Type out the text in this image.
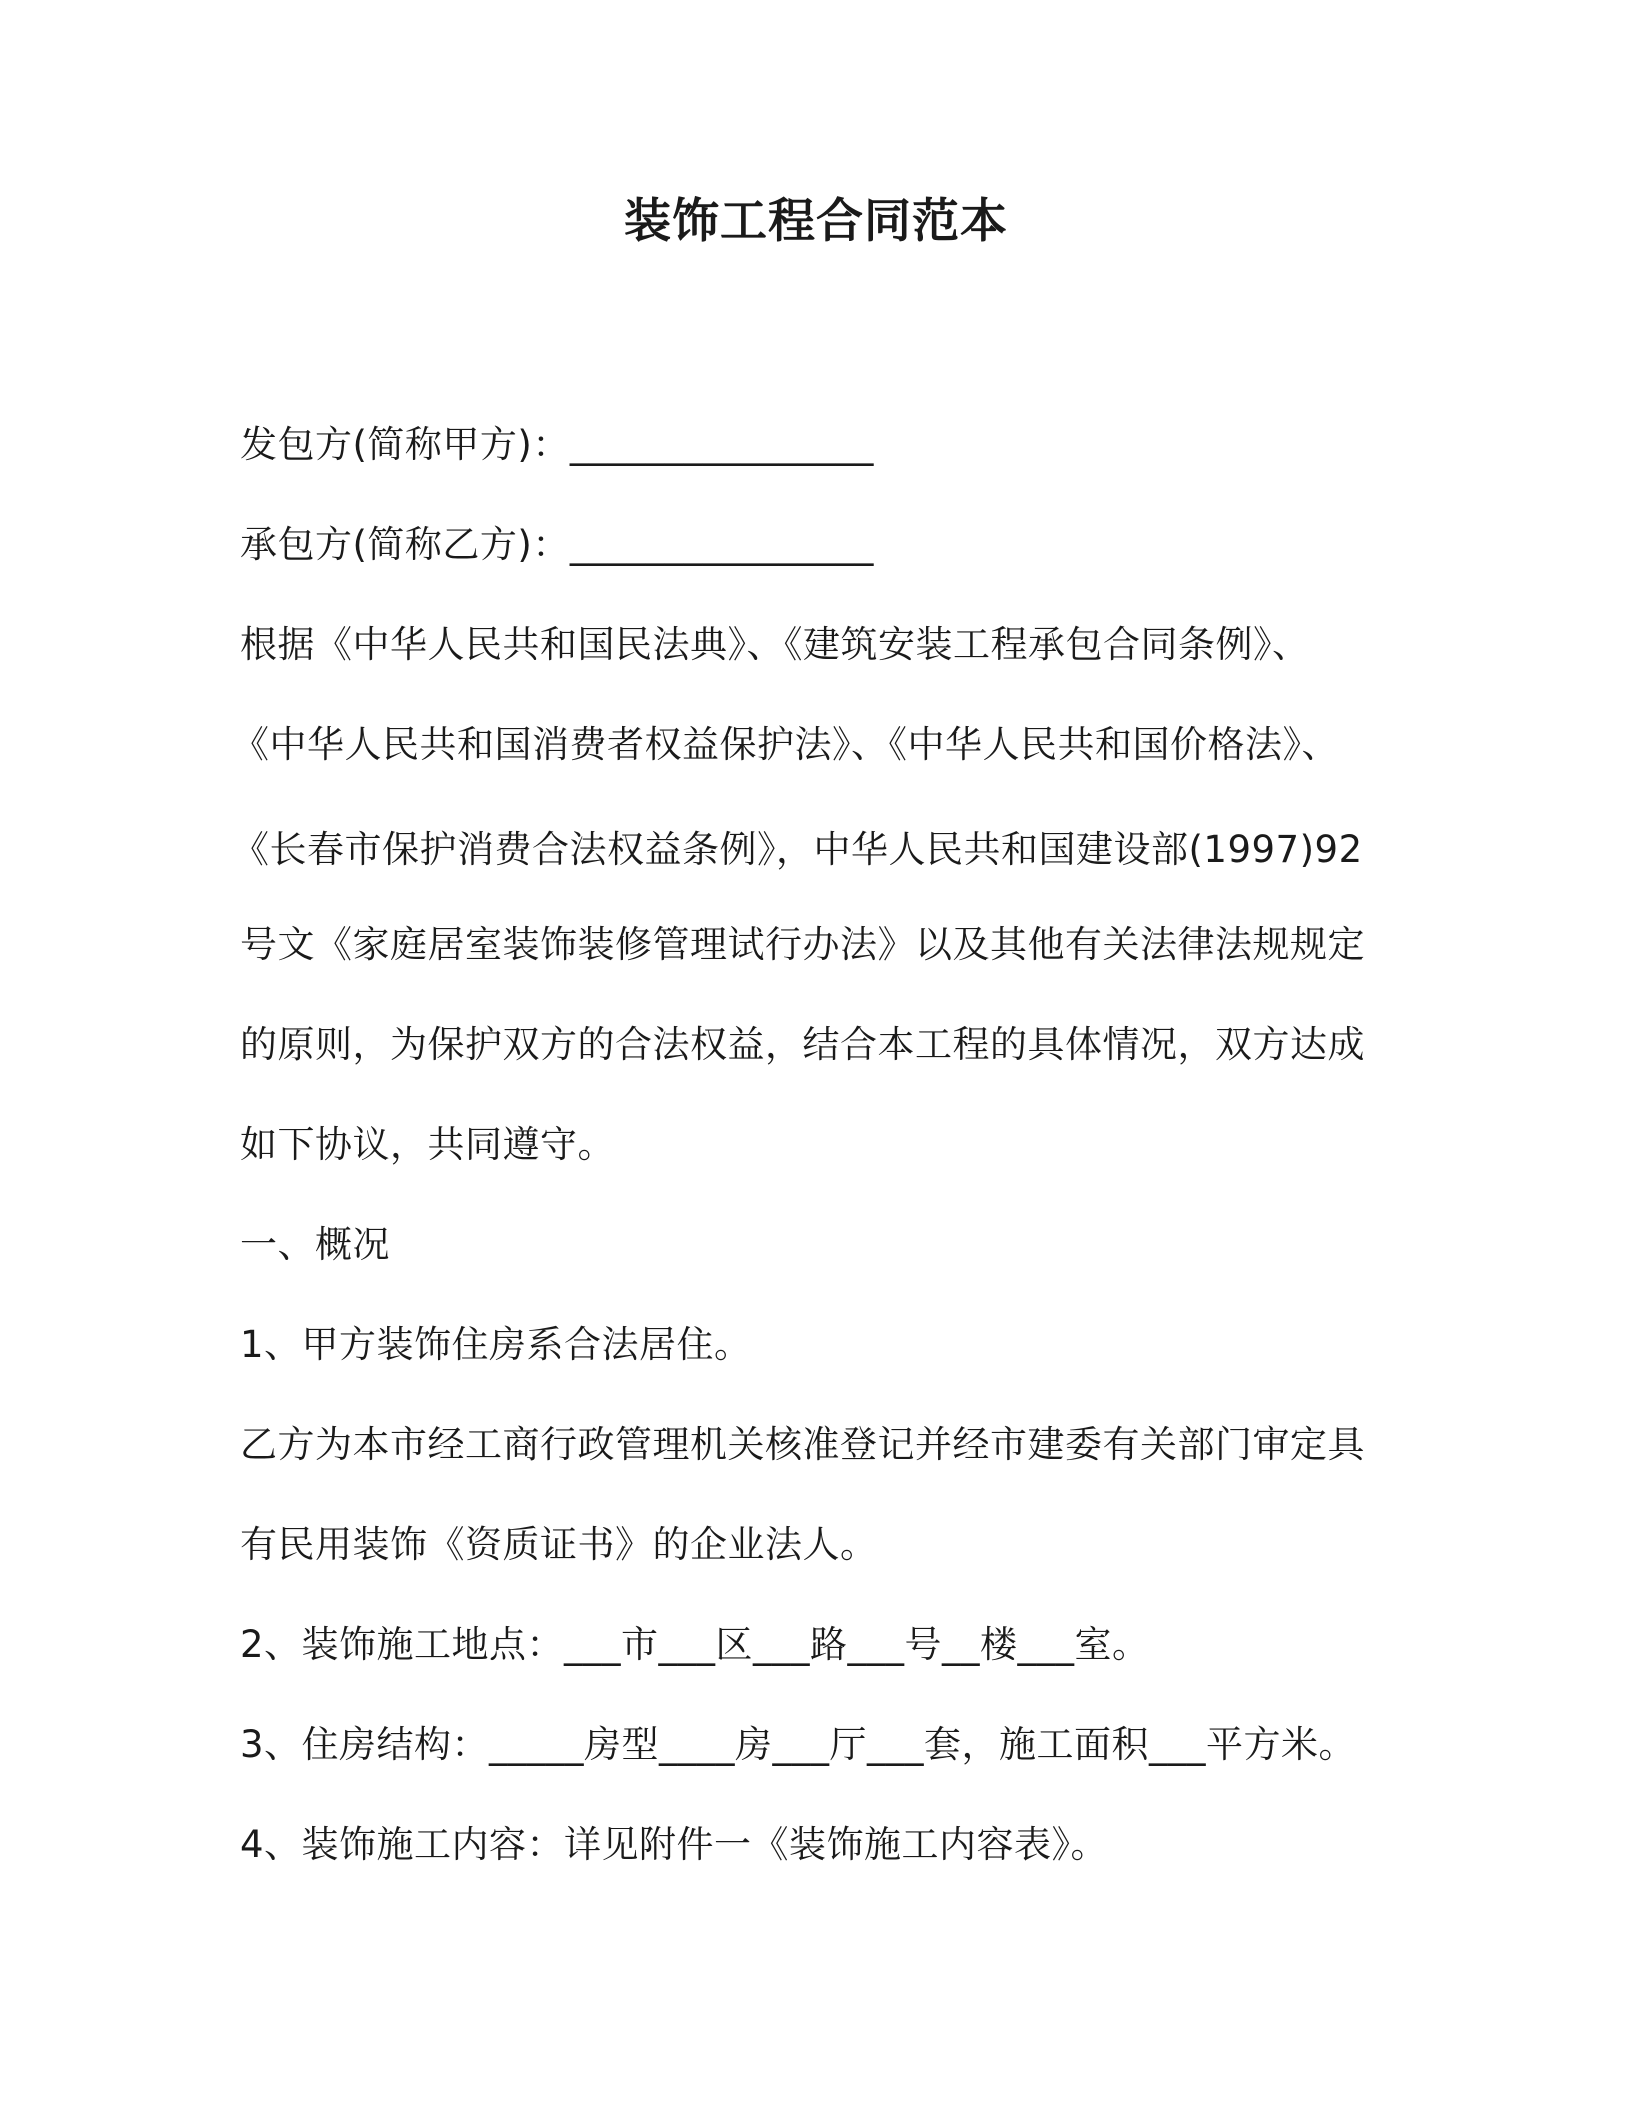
装饰工程合同范本
发包方(简称甲方)：________________
承包方(简称乙方)：________________
根据《中华人民共和国民法典》、《建筑安装工程承包合同条例》、
《中华人民共和国消费者权益保护法》、《中华人民共和国价格法》、
《长春市保护消费合法权益条例》，中华人民共和国建设部(1997)92
号文《家庭居室装饰装修管理试行办法》以及其他有关法律法规规定
的原则，为保护双方的合法权益，结合本工程的具体情况，双方达成
如下协议，共同遵守。
一、概况
1、甲方装饰住房系合法居住。
乙方为本市经工商行政管理机关核准登记并经市建委有关部门审定具
有民用装饰《资质证书》的企业法人。
2、装饰施工地点：___市___区___路___号__楼___室。
3、住房结构：_____房型____房___厅___套，施工面积___平方米。
4、装饰施工内容：详见附件一《装饰施工内容表》。
